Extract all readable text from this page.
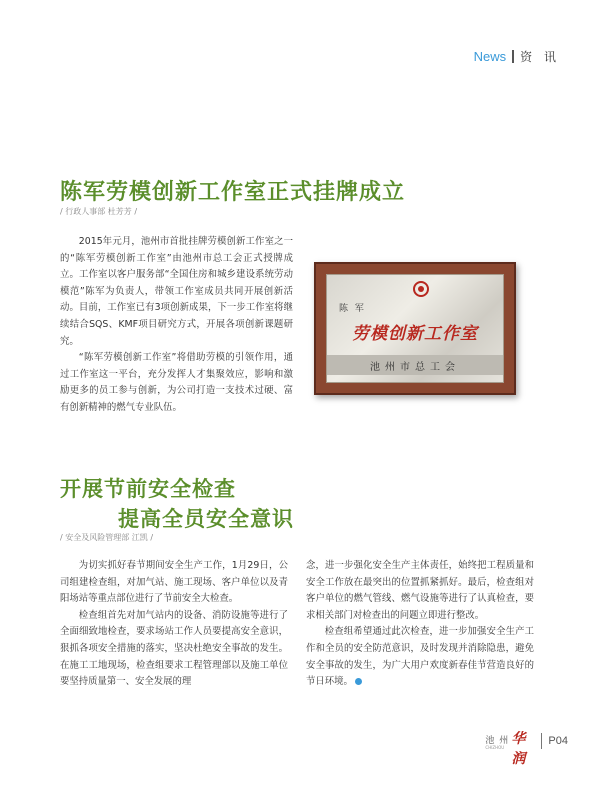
News 资 讯
陈军劳模创新工作室正式挂牌成立
/ 行政人事部 杜芳芳 /

2015年元月，池州市首批挂牌劳模创新工作室之一的“陈军劳模创新工作室”由池州市总工会正式授牌成立。工作室以客户服务部“全国住房和城乡建设系统劳动模范”陈军为负责人，带领工作室成员共同开展创新活动。目前，工作室已有3项创新成果，下一步工作室将继续结合SQS、KMF项目研究方式，开展各项创新课题研究。

“陈军劳模创新工作室”将借助劳模的引领作用，通过工作室这一平台，充分发挥人才集聚效应，影响和激励更多的员工参与创新，为公司打造一支技术过硬、富有创新精神的燃气专业队伍。

陈 军
劳模创新工作室
池州市总工会
开展节前安全检查
提高全员安全意识
/ 安全及风险管理部 江凯 /

为切实抓好春节期间安全生产工作，1月29日，公司组建检查组，对加气站、施工现场、客户单位以及青阳场站等重点部位进行了节前安全大检查。

检查组首先对加气站内的设备、消防设施等进行了全面细致地检查，要求场站工作人员要提高安全意识，狠抓各项安全措施的落实，坚决杜绝安全事故的发生。在施工工地现场，检查组要求工程管理部以及施工单位要坚持质量第一、安全发展的理

念，进一步强化安全生产主体责任，始终把工程质量和安全工作放在最突出的位置抓紧抓好。最后，检查组对客户单位的燃气管线、燃气设施等进行了认真检查，要求相关部门对检查出的问题立即进行整改。

检查组希望通过此次检查，进一步加强安全生产工作和全员的安全防范意识，及时发现并消除隐患，避免安全事故的发生，为广大用户欢度新春佳节营造良好的节日环境。

池 州 华润
CHIZHOU
P04
